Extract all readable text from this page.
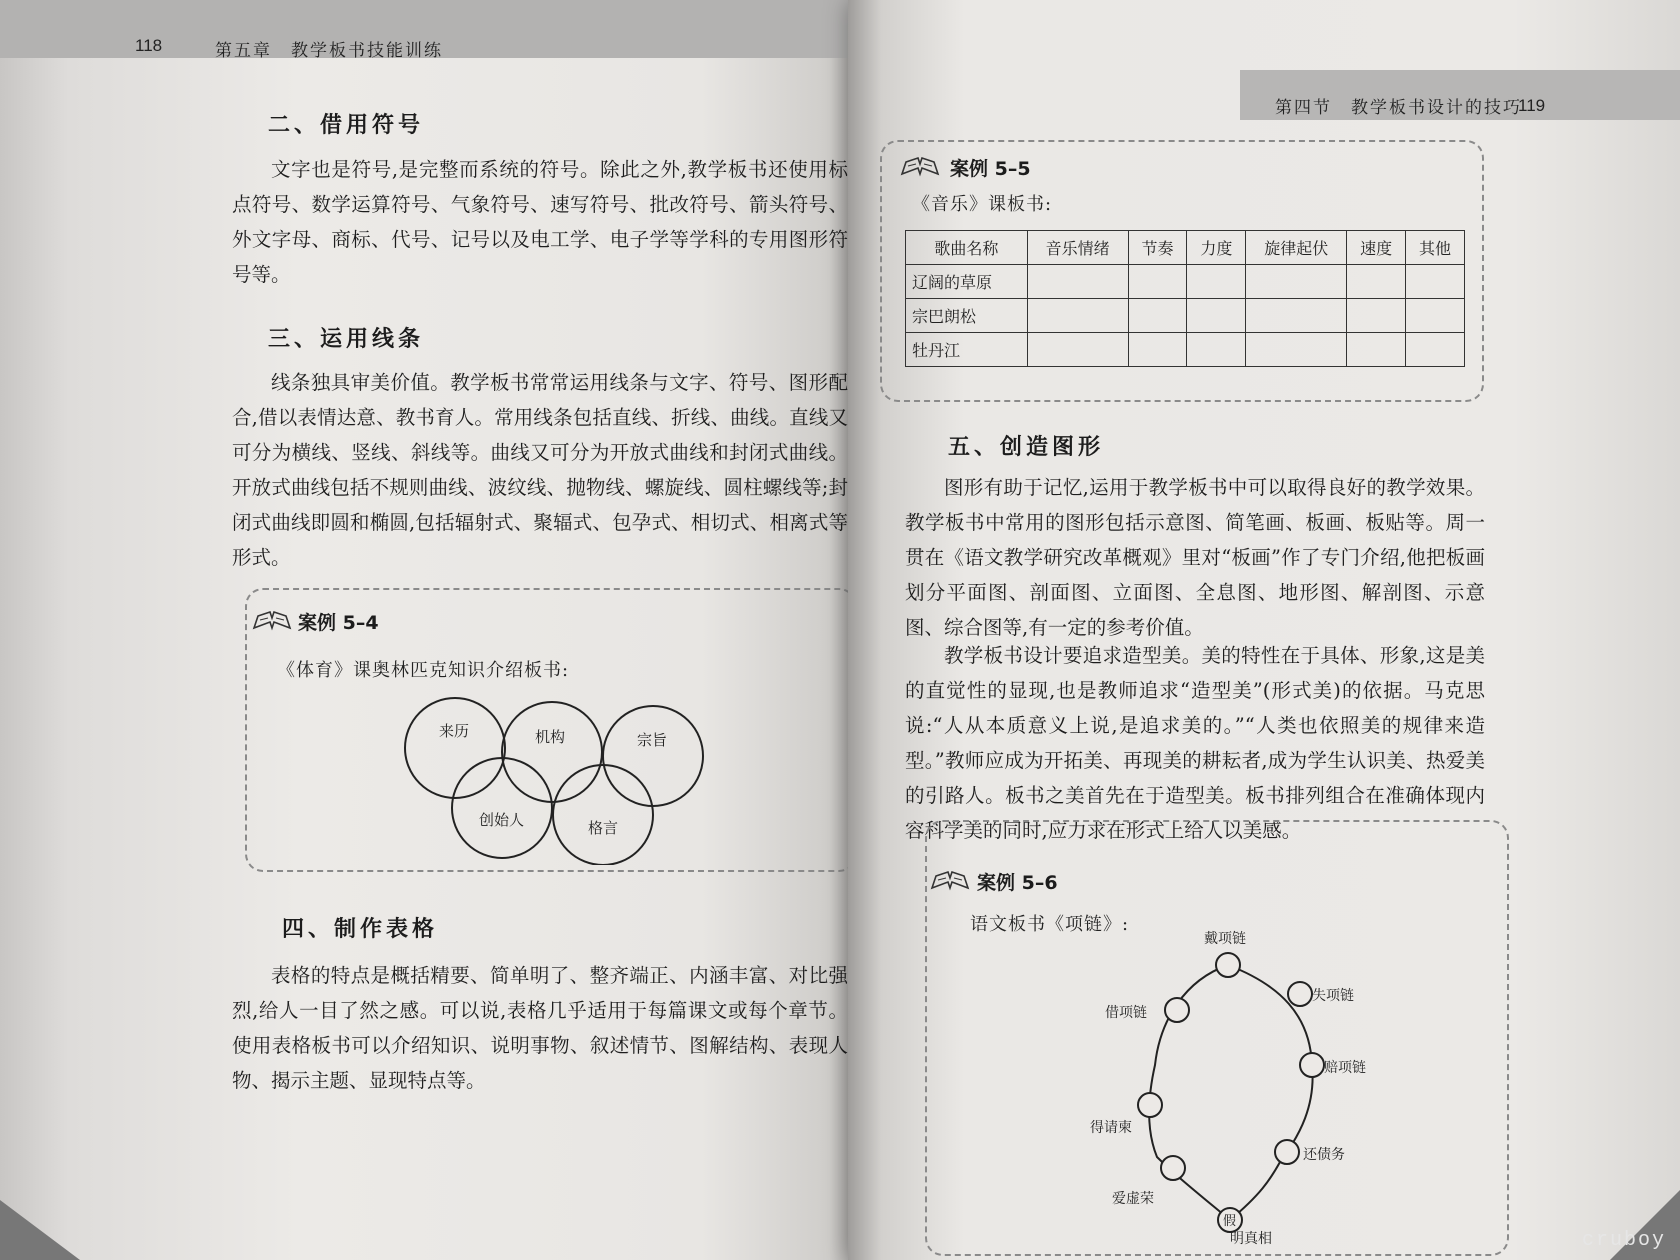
118	第五章　教学板书技能训练
二、借用符号
文字也是符号,是完整而系统的符号。除此之外,教学板书还使用标点符号、数学运算符号、气象符号、速写符号、批改符号、箭头符号、外文字母、商标、代号、记号以及电工学、电子学等学科的专用图形符号等。
三、运用线条
线条独具审美价值。教学板书常常运用线条与文字、符号、图形配合,借以表情达意、教书育人。常用线条包括直线、折线、曲线。直线又可分为横线、竖线、斜线等。曲线又可分为开放式曲线和封闭式曲线。开放式曲线包括不规则曲线、波纹线、抛物线、螺旋线、圆柱螺线等;封闭式曲线即圆和椭圆,包括辐射式、聚辐式、包孕式、相切式、相离式等形式。
案例 5–4
《体育》课奥林匹克知识介绍板书:
来历	机构	宗旨
创始人	格言
四、制作表格
表格的特点是概括精要、简单明了、整齐端正、内涵丰富、对比强烈,给人一目了然之感。可以说,表格几乎适用于每篇课文或每个章节。使用表格板书可以介绍知识、说明事物、叙述情节、图解结构、表现人物、揭示主题、显现特点等。
第四节　教学板书设计的技巧
119
案例 5–5
《音乐》课板书:
歌曲名称	音乐情绪	节奏	力度	旋律起伏	速度	其他
辽阔的草原						
宗巴朗松						
牡丹江						
五、创造图形
图形有助于记忆,运用于教学板书中可以取得良好的教学效果。教学板书中常用的图形包括示意图、简笔画、板画、板贴等。周一贯在《语文教学研究改革概观》里对“板画”作了专门介绍,他把板画划分平面图、剖面图、立面图、全息图、地形图、解剖图、示意图、综合图等,有一定的参考价值。
教学板书设计要追求造型美。美的特性在于具体、形象,这是美的直觉性的显现,也是教师追求“造型美”(形式美)的依据。马克思说:“人从本质意义上说,是追求美的。”“人类也依照美的规律来造型。”教师应成为开拓美、再现美的耕耘者,成为学生认识美、热爱美的引路人。板书之美首先在于造型美。板书排列组合在准确体现内容科学美的同时,应力求在形式上给人以美感。
案例 5–6
语文板书《项链》:
戴项链
明真相
假
失项链
赔项链
还债务
爱虚荣
得请柬
借项链
cruboy
